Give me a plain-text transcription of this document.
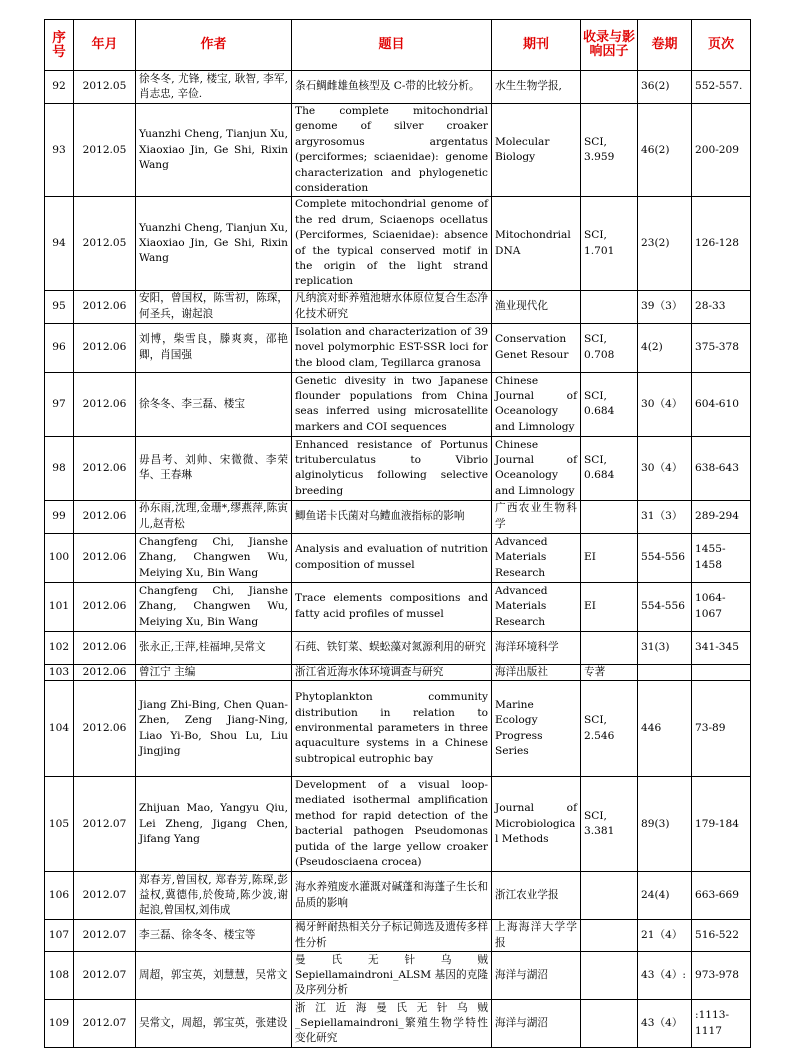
序号	年月	作者	题目	期刊	收录与影响因子	卷期	页次
92	2012.05	徐冬冬, 尤锋, 楼宝, 耿智, 李军, 肖志忠, 辛俭.	条石鲷雌雄鱼核型及 C-带的比较分析。	水生生物学报,		36(2)	552-557.
93	2012.05	Yuanzhi Cheng, Tianjun Xu, Xiaoxiao Jin, Ge Shi, Rixin Wang	The complete mitochondrial genome of silver croaker argyrosomus argentatus (perciformes; sciaenidae): genome characterization and phylogenetic consideration	Molecular Biology	SCI, 3.959	46(2)	200-209
94	2012.05	Yuanzhi Cheng, Tianjun Xu, Xiaoxiao Jin, Ge Shi, Rixin Wang	Complete mitochondrial genome of the red drum, Sciaenops ocellatus (Perciformes, Sciaenidae): absence of the typical conserved motif in the origin of the light strand replication	Mitochondrial DNA	SCI, 1.701	23(2)	126-128
95	2012.06	安阳，曾国权，陈雪初，陈琛，何圣兵，谢起浪	凡纳滨对虾养殖池塘水体原位复合生态净化技术研究	渔业现代化		39（3）	28-33
96	2012.06	刘博，柴雪良，滕爽爽，邵艳卿，肖国强	Isolation and characterization of 39 novel polymorphic EST-SSR loci for the blood clam, Tegillarca granosa	Conservation Genet Resour	SCI, 0.708	4(2)	375-378
97	2012.06	徐冬冬、李三磊、楼宝	Genetic divesity in two Japanese flounder populations from China seas inferred using microsatellite markers and COI sequences	Chinese Journal of Oceanology and Limnology	SCI, 0.684	30（4）	604-610
98	2012.06	毋昌考、刘帅、宋微微、李荣华、王春琳	Enhanced resistance of Portunus trituberculatus to Vibrio alginolyticus following selective breeding	Chinese Journal of Oceanology and Limnology	SCI, 0.684	30（4）	638-643
99	2012.06	孙东雨,沈理,金珊*,缪燕萍,陈寅儿,赵青松	鲫鱼诺卡氏菌对乌鳢血液指标的影响	广西农业生物科学		31（3）	289-294
100	2012.06	Changfeng Chi, Jianshe Zhang, Changwen Wu, Meiying Xu, Bin Wang	Analysis and evaluation of nutrition composition of mussel	Advanced Materials Research	EI	554-556	1455-1458
101	2012.06	Changfeng Chi, Jianshe Zhang, Changwen Wu, Meiying Xu, Bin Wang	Trace elements compositions and fatty acid profiles of mussel	Advanced Materials Research	EI	554-556	1064-1067
102	2012.06	张永正,王萍,桂福坤,吴常文	石莼、铁钉菜、蜈蚣藻对氮源利用的研究	海洋环境科学		31(3)	341-345
103	2012.06	曾江宁 主编	浙江省近海水体环境调查与研究	海洋出版社	专著		
104	2012.06	Jiang Zhi-Bing, Chen Quan-Zhen, Zeng Jiang-Ning, Liao Yi-Bo, Shou Lu, Liu Jingjing	Phytoplankton community distribution in relation to environmental parameters in three aquaculture systems in a Chinese subtropical eutrophic bay	Marine Ecology Progress Series	SCI, 2.546	446	73-89
105	2012.07	Zhijuan Mao, Yangyu Qiu, Lei Zheng, Jigang Chen, Jifang Yang	Development of a visual loop-mediated isothermal amplification method for rapid detection of the bacterial pathogen Pseudomonas putida of the large yellow croaker (Pseudosciaena crocea)	Journal of Microbiological Methods	SCI, 3.381	89(3)	179-184
106	2012.07	郑春芳,曾国权, 郑春芳,陈琛,彭益权,冀德伟,於俊琦,陈少波,谢起浪,曾国权,刘伟成	海水养殖废水灌溉对碱蓬和海蓬子生长和品质的影响	浙江农业学报		24(4)	663-669
107	2012.07	李三磊、徐冬冬、楼宝等	褐牙鲆耐热相关分子标记筛选及遗传多样性分析	上海海洋大学学报		21（4）	516-522
108	2012.07	周超，郭宝英，刘慧慧，吴常文	曼氏无针乌贼 Sepiellamaindroni_ALSM 基因的克隆及序列分析	海洋与湖沼		43（4）:	973-978
109	2012.07	吴常文，周超，郭宝英，张建设	浙江近海曼氏无针乌贼_Sepiellamaindroni_繁殖生物学特性变化研究	海洋与湖沼		43（4）	:1113-1117
